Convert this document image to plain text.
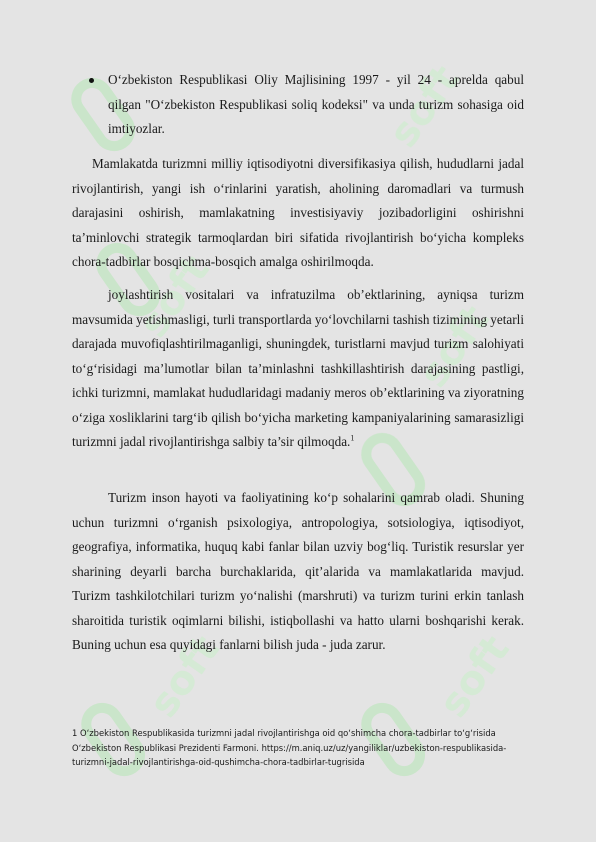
soft
soft
soft
soft	soft
O‘zbekiston Respublikasi Oliy Majlisining 1997 - yil 24 - aprelda qabul qilgan "O‘zbekiston Respublikasi soliq kodeksi" va unda turizm sohasiga oid imtiyozlar.
Mamlakatda turizmni milliy iqtisodiyotni diversifikasiya qilish, hududlarni jadal rivojlantirish, yangi ish o‘rinlarini yaratish, aholining daromadlari va turmush darajasini oshirish, mamlakatning investisiyaviy jozibadorligini oshirishni ta’minlovchi strategik tarmoqlardan biri sifatida rivojlantirish bo‘yicha kompleks chora-tadbirlar bosqichma-bosqich amalga oshirilmoqda.
joylashtirish vositalari va infratuzilma ob’ektlarining, ayniqsa turizm mavsumida yetishmasligi, turli transportlarda yo‘lovchilarni tashish tizimining yetarli darajada muvofiqlashtirilmaganligi, shuningdek, turistlarni mavjud turizm salohiyati to‘g‘risidagi ma’lumotlar bilan ta’minlashni tashkillashtirish darajasining pastligi, ichki turizmni, mamlakat hududlaridagi madaniy meros ob’ektlarining va ziyoratning o‘ziga xosliklarini targ‘ib qilish bo‘yicha marketing kampaniyalarining samarasizligi turizmni jadal rivojlantirishga salbiy ta’sir qilmoqda.$^1$
Turizm inson hayoti va faoliyatining ko‘p sohalarini qamrab oladi. Shuning uchun turizmni o‘rganish psixologiya, antropologiya, sotsiologiya, iqtisodiyot, geografiya, informatika, huquq kabi fanlar bilan uzviy bog‘liq. Turistik resurslar yer sharining deyarli barcha burchaklarida, qit’alarida va mamlakatlarida mavjud. Turizm tashkilotchilari turizm yo‘nalishi (marshruti) va turizm turini erkin tanlash sharoitida turistik oqimlarni bilishi, istiqbollashi va hatto ularni boshqarishi kerak. Buning uchun esa quyidagi fanlarni bilish juda - juda zarur.
1 O‘zbekiston Respublikasida turizmni jadal rivojlantirishga oid qo‘shimcha chora-tadbirlar to‘g‘risida O‘zbekiston Respublikasi Prezidenti Farmoni. https://m.aniq.uz/uz/yangiliklar/uzbekiston-respublikasida-turizmni-jadal-rivojlantirishga-oid-qushimcha-chora-tadbirlar-tugrisida
